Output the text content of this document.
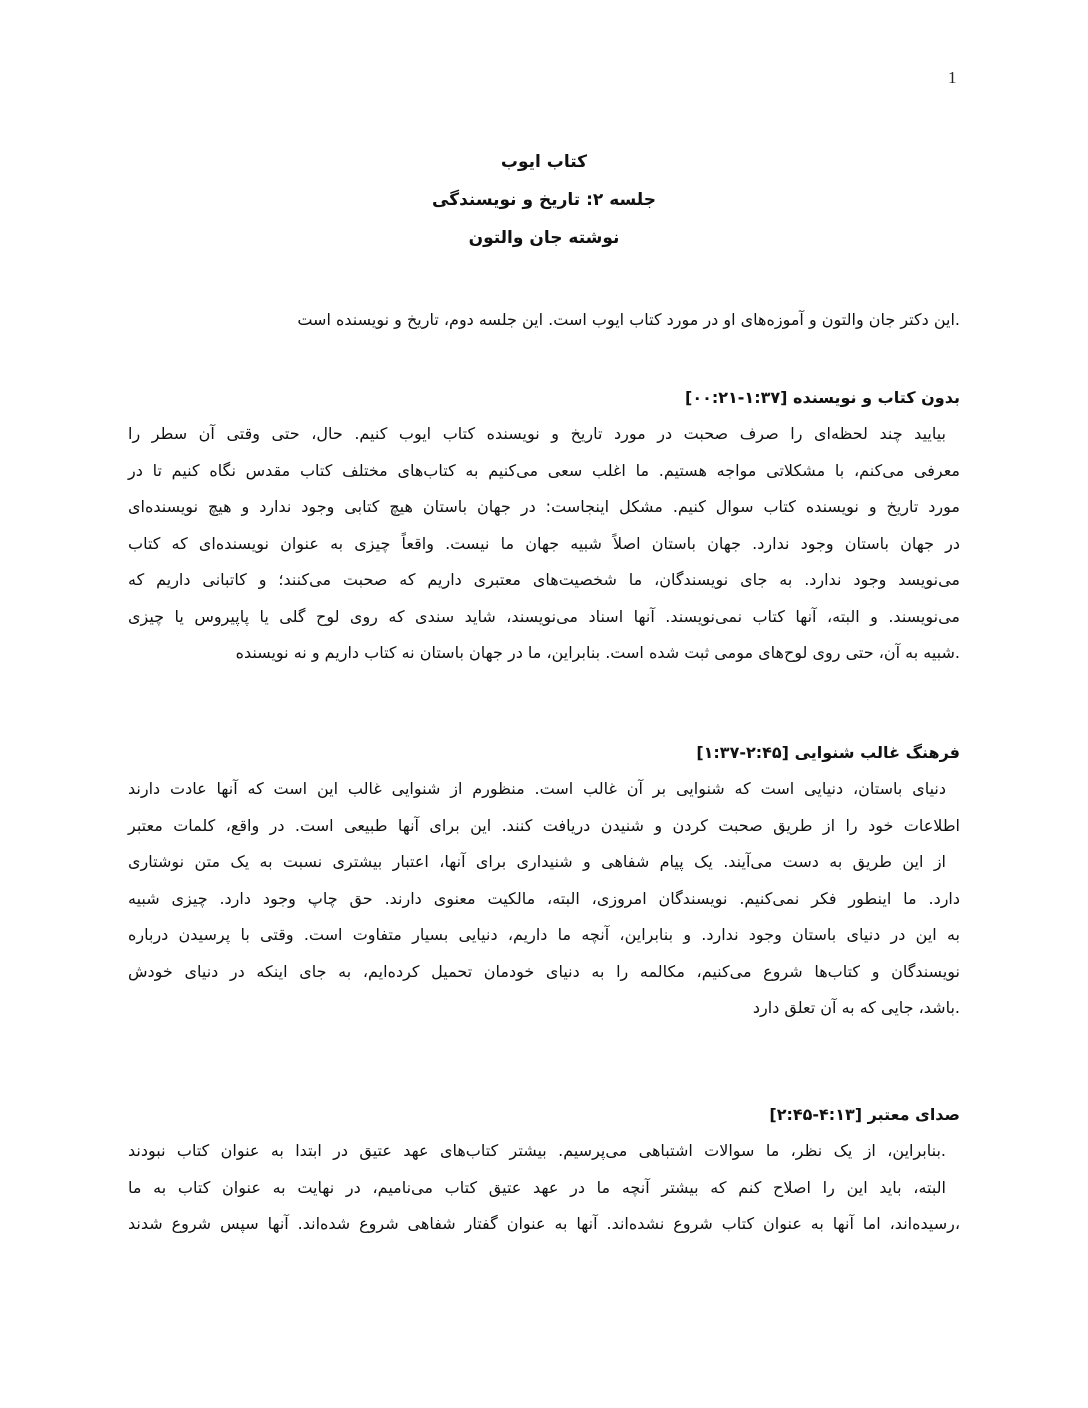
1
کتاب ایوب
جلسه ۲: تاریخ و نویسندگی
نوشته جان والتون
.این دکتر جان والتون و آموزه‌های او در مورد کتاب ایوب است. این جلسه دوم، تاریخ و نویسنده است
بدون کتاب و نویسنده [۰۰:۲۱-۱:۳۷]
بیایید چند لحظه‌ای را صرف صحبت در مورد تاریخ و نویسنده کتاب ایوب کنیم. حال، حتی وقتی آن سطر را
معرفی می‌کنم، با مشکلاتی مواجه هستیم. ما اغلب سعی می‌کنیم به کتاب‌های مختلف کتاب مقدس نگاه کنیم تا در
مورد تاریخ و نویسنده کتاب سوال کنیم. مشکل اینجاست: در جهان باستان هیچ کتابی وجود ندارد و هیچ نویسنده‌ای
در جهان باستان وجود ندارد. جهان باستان اصلاً شبیه جهان ما نیست. واقعاً چیزی به عنوان نویسنده‌ای که کتاب
می‌نویسد وجود ندارد. به جای نویسندگان، ما شخصیت‌های معتبری داریم که صحبت می‌کنند؛ و کاتبانی داریم که
می‌نویسند. و البته، آنها کتاب نمی‌نویسند. آنها اسناد می‌نویسند، شاید سندی که روی لوح گلی یا پاپیروس یا چیزی
.شبیه به آن، حتی روی لوح‌های مومی ثبت شده است. بنابراین، ما در جهان باستان نه کتاب داریم و نه نویسنده
فرهنگ غالب شنوایی [۱:۳۷-۲:۴۵]
دنیای باستان، دنیایی است که شنوایی بر آن غالب است. منظورم از شنوایی غالب این است که آنها عادت دارند
اطلاعات خود را از طریق صحبت کردن و شنیدن دریافت کنند. این برای آنها طبیعی است. در واقع، کلمات معتبر
از این طریق به دست می‌آیند. یک پیام شفاهی و شنیداری برای آنها، اعتبار بیشتری نسبت به یک متن نوشتاری
دارد. ما اینطور فکر نمی‌کنیم. نویسندگان امروزی، البته، مالکیت معنوی دارند. حق چاپ وجود دارد. چیزی شبیه
به این در دنیای باستان وجود ندارد. و بنابراین، آنچه ما داریم، دنیایی بسیار متفاوت است. وقتی با پرسیدن درباره
نویسندگان و کتاب‌ها شروع می‌کنیم، مکالمه را به دنیای خودمان تحمیل کرده‌ایم، به جای اینکه در دنیای خودش
.باشد، جایی که به آن تعلق دارد
صدای معتبر [۲:۴۵-۴:۱۳]
.بنابراین، از یک نظر، ما سوالات اشتباهی می‌پرسیم. بیشتر کتاب‌های عهد عتیق در ابتدا به عنوان کتاب نبودند
البته، باید این را اصلاح کنم که بیشتر آنچه ما در عهد عتیق کتاب می‌نامیم، در نهایت به عنوان کتاب به ما
،رسیده‌اند، اما آنها به عنوان کتاب شروع نشده‌اند. آنها به عنوان گفتار شفاهی شروع شده‌اند. آنها سپس شروع شدند
